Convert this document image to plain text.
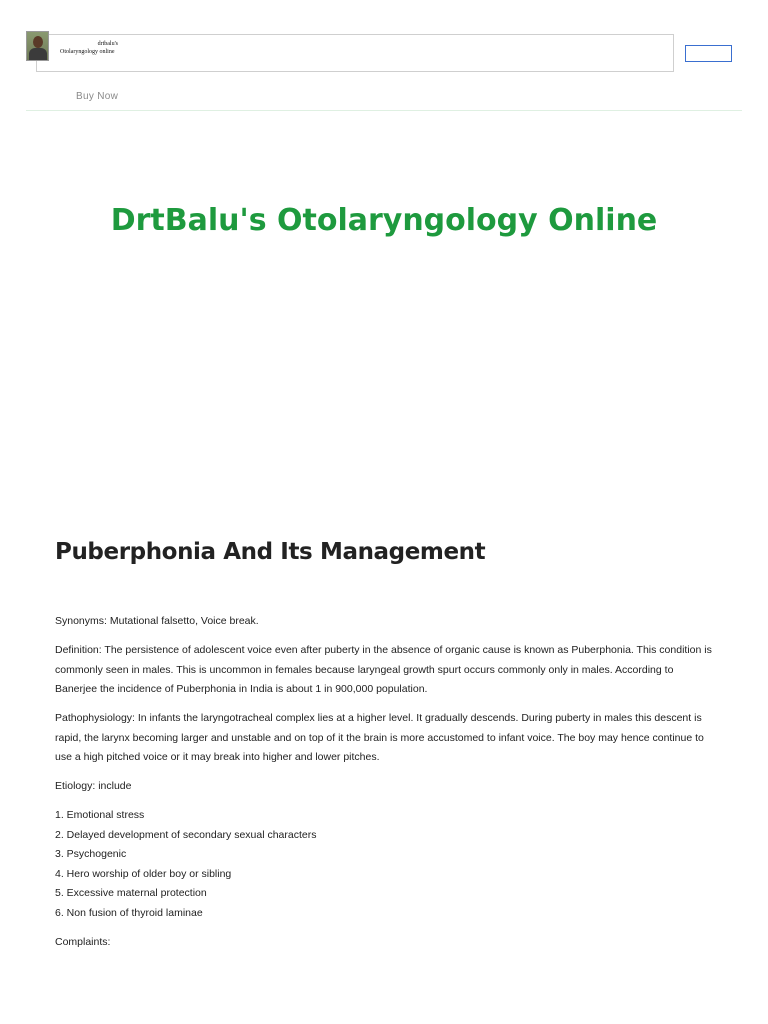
drtbalu's
Otolaryngology online
Buy Now
DrtBalu's Otolaryngology Online
Puberphonia And Its Management

Synonyms: Mutational falsetto, Voice break.

Definition: The persistence of adolescent voice even after puberty in the absence of organic cause is known as Puberphonia. This condition is commonly seen in males. This is uncommon in females because laryngeal growth spurt occurs commonly only in males. According to Banerjee the incidence of Puberphonia in India is about 1 in 900,000 population.

Pathophysiology: In infants the laryngotracheal complex lies at a higher level. It gradually descends. During puberty in males this descent is rapid, the larynx becoming larger and unstable and on top of it the brain is more accustomed to infant voice. The boy may hence continue to use a high pitched voice or it may break into higher and lower pitches.

Etiology: include

1. Emotional stress
2. Delayed development of secondary sexual characters
3. Psychogenic
4. Hero worship of older boy or sibling
5. Excessive maternal protection
6. Non fusion of thyroid laminae

Complaints:
